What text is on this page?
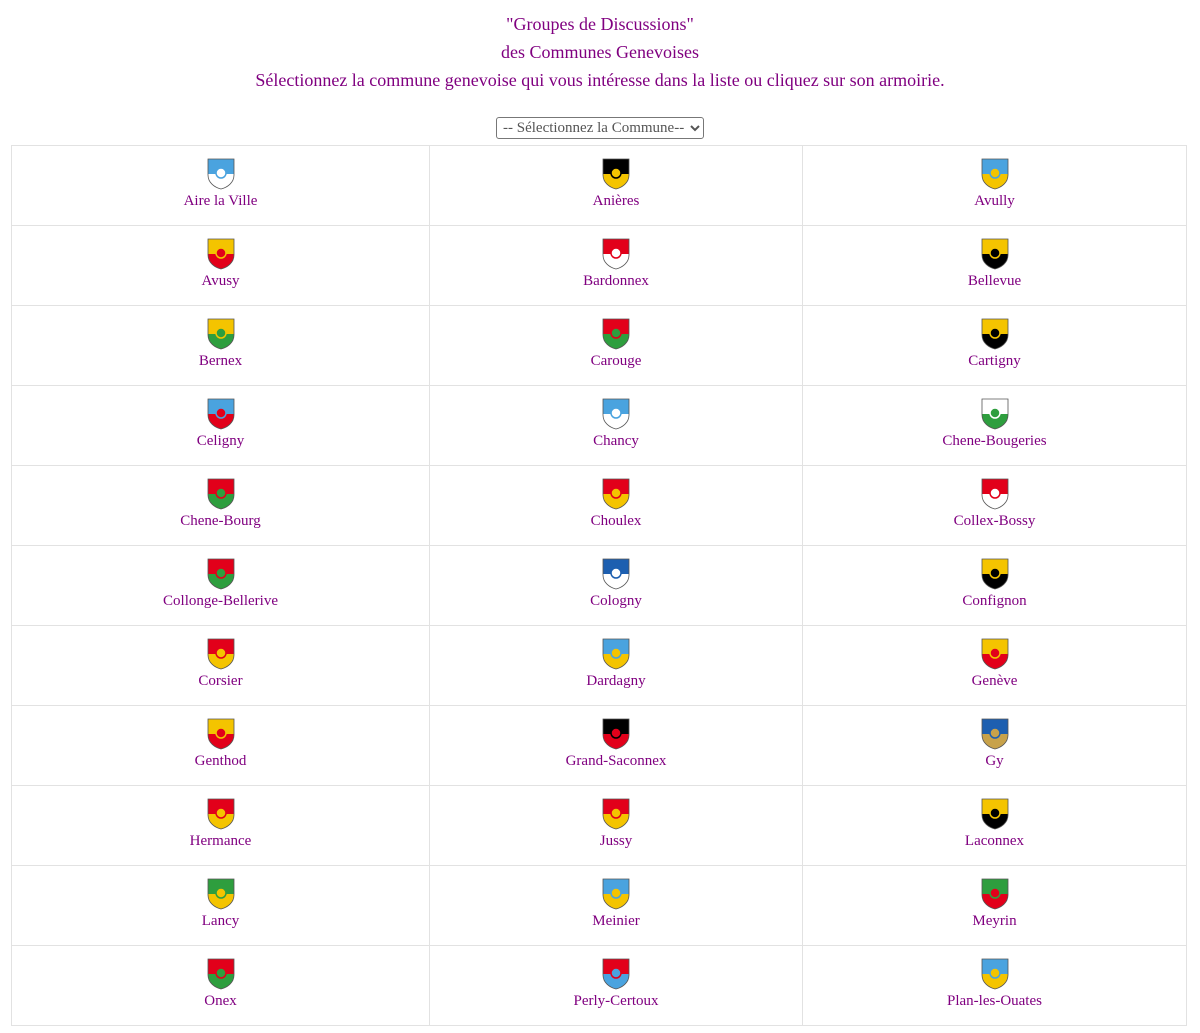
"Groupes de Discussions"
des Communes Genevoises
Sélectionnez la commune genevoise qui vous intéresse dans la liste ou cliquez sur son armoirie.
-- Sélectionnez la Commune--
Aire la Ville	Anières	Avully
Avusy	Bardonnex	Bellevue
Bernex	Carouge	Cartigny
Celigny	Chancy	Chene-Bougeries
Chene-Bourg	Choulex	Collex-Bossy
Collonge-Bellerive	Cologny	Confignon
Corsier	Dardagny	Genève
Genthod	Grand-Saconnex	Gy
Hermance	Jussy	Laconnex
Lancy	Meinier	Meyrin
Onex	Perly-Certoux	Plan-les-Ouates
